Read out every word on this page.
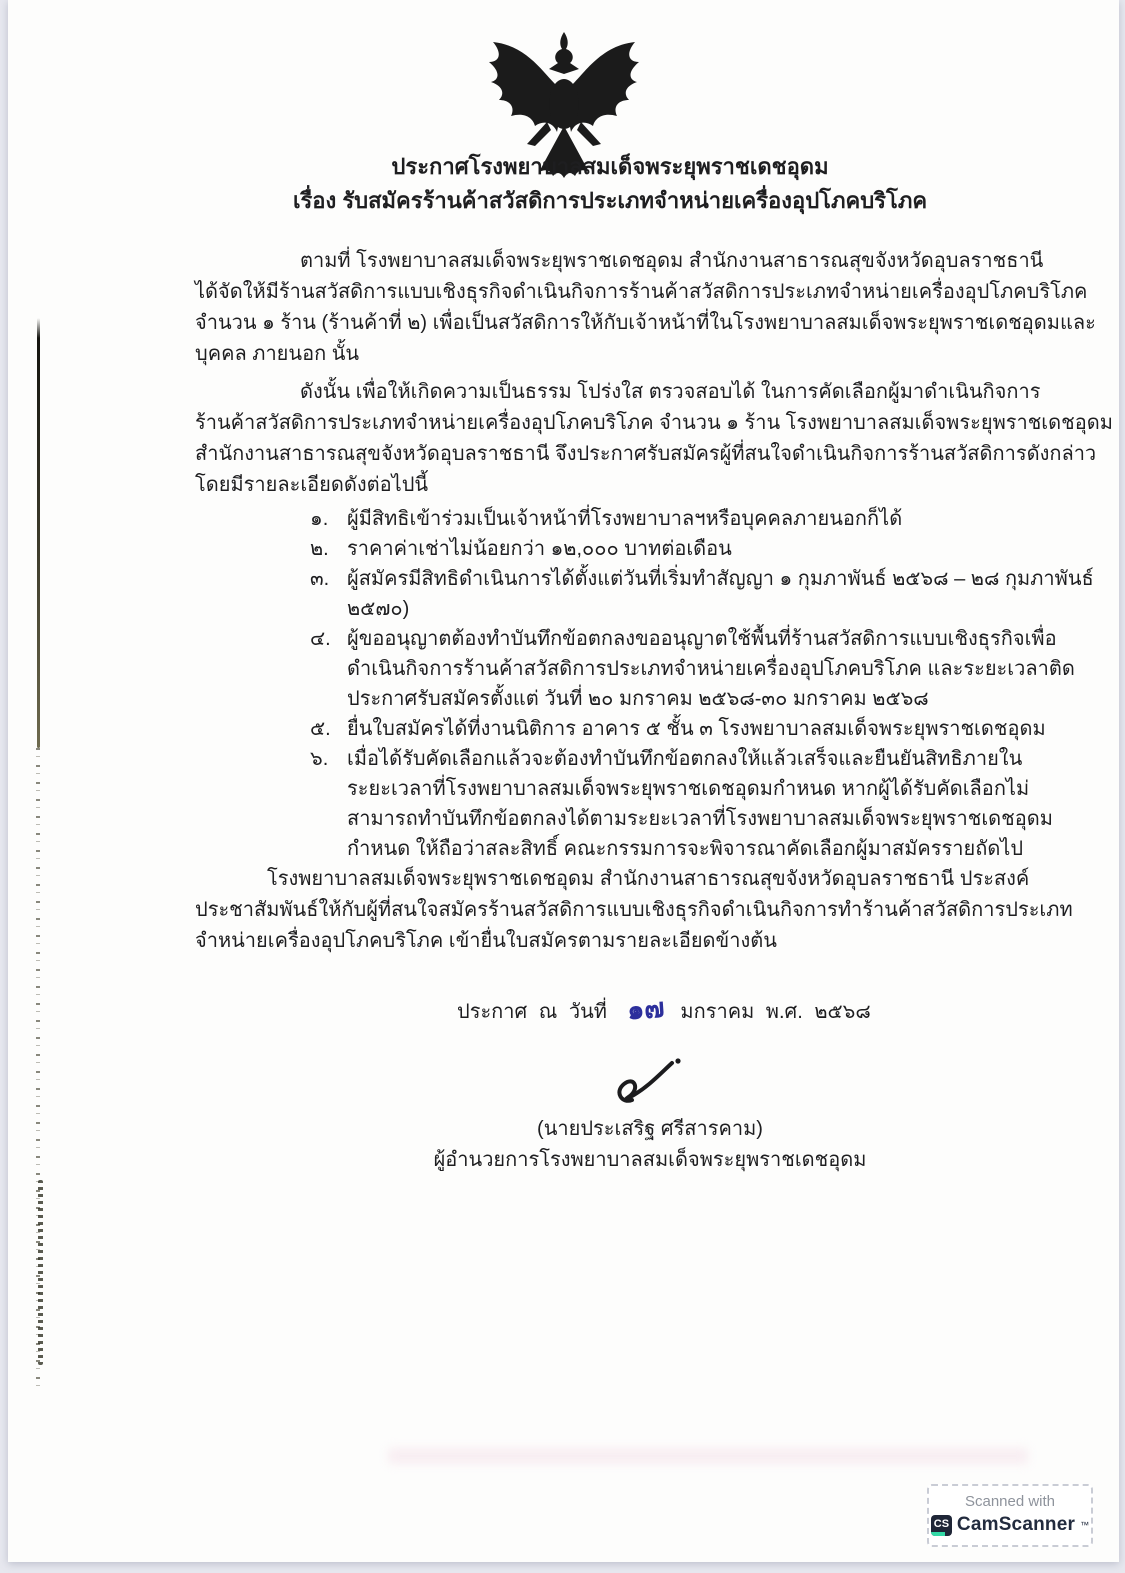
ประกาศโรงพยาบาลสมเด็จพระยุพราชเดชอุดม
เรื่อง รับสมัครร้านค้าสวัสดิการประเภทจำหน่ายเครื่องอุปโภคบริโภค
ตามที่ โรงพยาบาลสมเด็จพระยุพราชเดชอุดม สำนักงานสาธารณสุขจังหวัดอุบลราชธานี
ได้จัดให้มีร้านสวัสดิการแบบเชิงธุรกิจดำเนินกิจการร้านค้าสวัสดิการประเภทจำหน่ายเครื่องอุปโภคบริโภค
จำนวน ๑ ร้าน (ร้านค้าที่ ๒) เพื่อเป็นสวัสดิการให้กับเจ้าหน้าที่ในโรงพยาบาลสมเด็จพระยุพราชเดชอุดมและ
บุคคล ภายนอก นั้น
ดังนั้น เพื่อให้เกิดความเป็นธรรม โปร่งใส ตรวจสอบได้ ในการคัดเลือกผู้มาดำเนินกิจการ
ร้านค้าสวัสดิการประเภทจำหน่ายเครื่องอุปโภคบริโภค จำนวน ๑ ร้าน โรงพยาบาลสมเด็จพระยุพราชเดชอุดม
สำนักงานสาธารณสุขจังหวัดอุบลราชธานี จึงประกาศรับสมัครผู้ที่สนใจดำเนินกิจการร้านสวัสดิการดังกล่าว
โดยมีรายละเอียดดังต่อไปนี้
๑. ผู้มีสิทธิเข้าร่วมเป็นเจ้าหน้าที่โรงพยาบาลฯหรือบุคคลภายนอกก็ได้
๒. ราคาค่าเช่าไม่น้อยกว่า ๑๒,๐๐๐ บาทต่อเดือน
๓. ผู้สมัครมีสิทธิดำเนินการได้ตั้งแต่วันที่เริ่มทำสัญญา ๑ กุมภาพันธ์ ๒๕๖๘ – ๒๘ กุมภาพันธ์
๒๕๗๐)
๔. ผู้ขออนุญาตต้องทำบันทึกข้อตกลงขออนุญาตใช้พื้นที่ร้านสวัสดิการแบบเชิงธุรกิจเพื่อ
ดำเนินกิจการร้านค้าสวัสดิการประเภทจำหน่ายเครื่องอุปโภคบริโภค และระยะเวลาติด
ประกาศรับสมัครตั้งแต่ วันที่ ๒๐ มกราคม ๒๕๖๘-๓๐ มกราคม ๒๕๖๘
๕. ยื่นใบสมัครได้ที่งานนิติการ อาคาร ๕ ชั้น ๓ โรงพยาบาลสมเด็จพระยุพราชเดชอุดม
๖. เมื่อได้รับคัดเลือกแล้วจะต้องทำบันทึกข้อตกลงให้แล้วเสร็จและยืนยันสิทธิภายใน
ระยะเวลาที่โรงพยาบาลสมเด็จพระยุพราชเดชอุดมกำหนด หากผู้ได้รับคัดเลือกไม่
สามารถทำบันทึกข้อตกลงได้ตามระยะเวลาที่โรงพยาบาลสมเด็จพระยุพราชเดชอุดม
กำหนด ให้ถือว่าสละสิทธิ์ คณะกรรมการจะพิจารณาคัดเลือกผู้มาสมัครรายถัดไป
โรงพยาบาลสมเด็จพระยุพราชเดชอุดม สำนักงานสาธารณสุขจังหวัดอุบลราชธานี ประสงค์
ประชาสัมพันธ์ให้กับผู้ที่สนใจสมัครร้านสวัสดิการแบบเชิงธุรกิจดำเนินกิจการทำร้านค้าสวัสดิการประเภท
จำหน่ายเครื่องอุปโภคบริโภค เข้ายื่นใบสมัครตามรายละเอียดข้างต้น
ประกาศ ณ วันที่ ๑๗ มกราคม พ.ศ. ๒๕๖๘
(นายประเสริฐ ศรีสารคาม)
ผู้อำนวยการโรงพยาบาลสมเด็จพระยุพราชเดชอุดม
Scanned with
CS CamScanner ™
